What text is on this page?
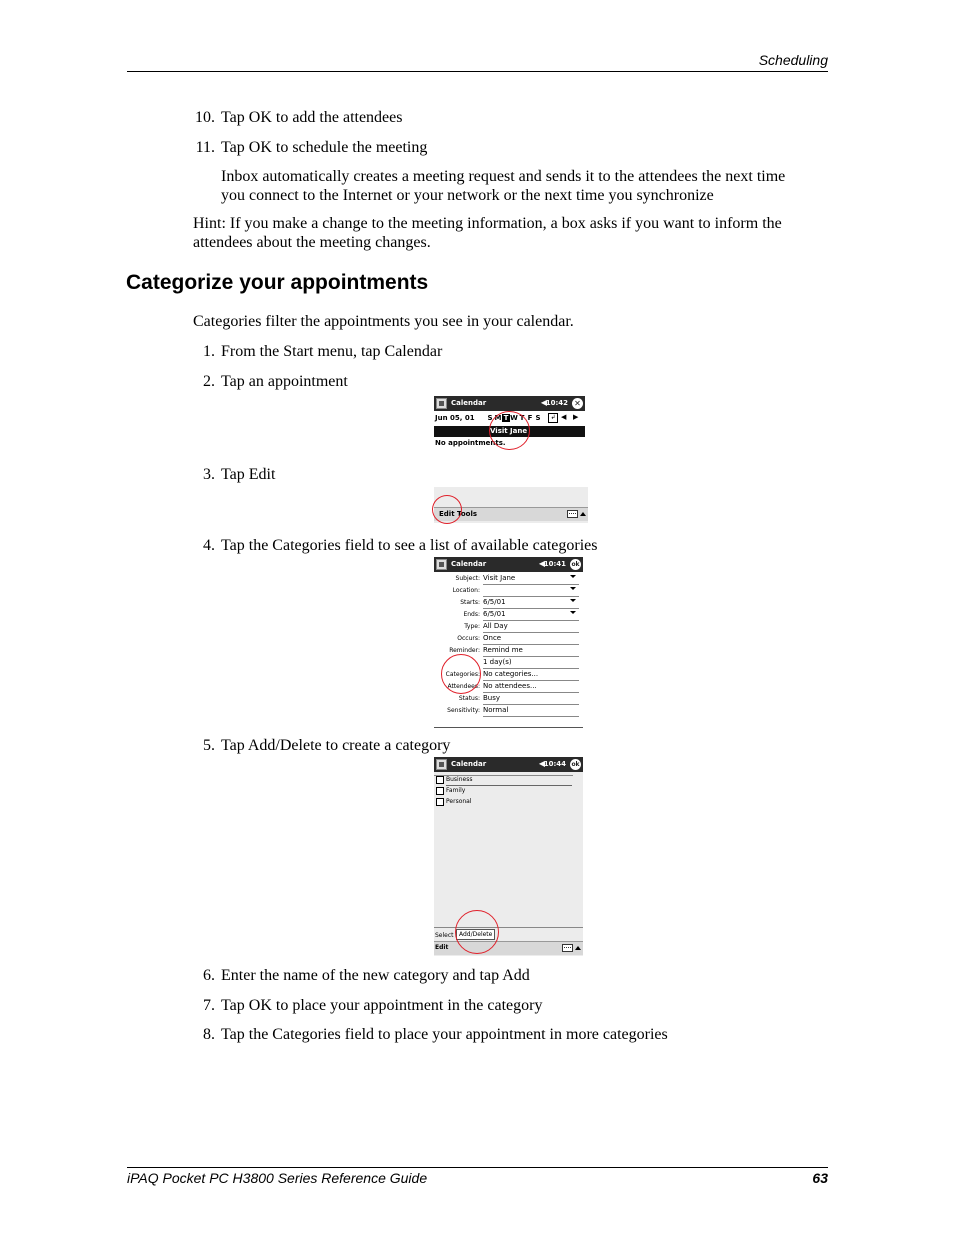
Scheduling
10. Tap OK to add the attendees
11. Tap OK to schedule the meeting
Inbox automatically creates a meeting request and sends it to the attendees the next time
you connect to the Internet or your network or the next time you synchronize
Hint: If you make a change to the meeting information, a box asks if you want to inform the
attendees about the meeting changes.
Categorize your appointments
Categories filter the appointments you see in your calendar.
1. From the Start menu, tap Calendar
2. Tap an appointment
Calendar	◀
10:42 ✕
Jun 05, 01 S M T W T F S	↲ ◀ ▶
Visit Jane
No appointments.
3. Tap Edit
Edit Tools
4. Tap the Categories field to see a list of available categories
Calendar	◀
10:41 ok
Subject: Visit Jane
Location:
Starts: 6/5/01
Ends: 6/5/01
Type: All Day
Occurs: Once
Reminder: Remind me
1 day(s)
Categories: No categories...
Attendees: No attendees...
Status: Busy
Sensitivity: Normal
5. Tap Add/Delete to create a category
Calendar	◀
10:44 ok
Business
Family
Personal
Select Add/Delete
Edit
6. Enter the name of the new category and tap Add
7. Tap OK to place your appointment in the category
8. Tap the Categories field to place your appointment in more categories
iPAQ Pocket PC H3800 Series Reference Guide	63
